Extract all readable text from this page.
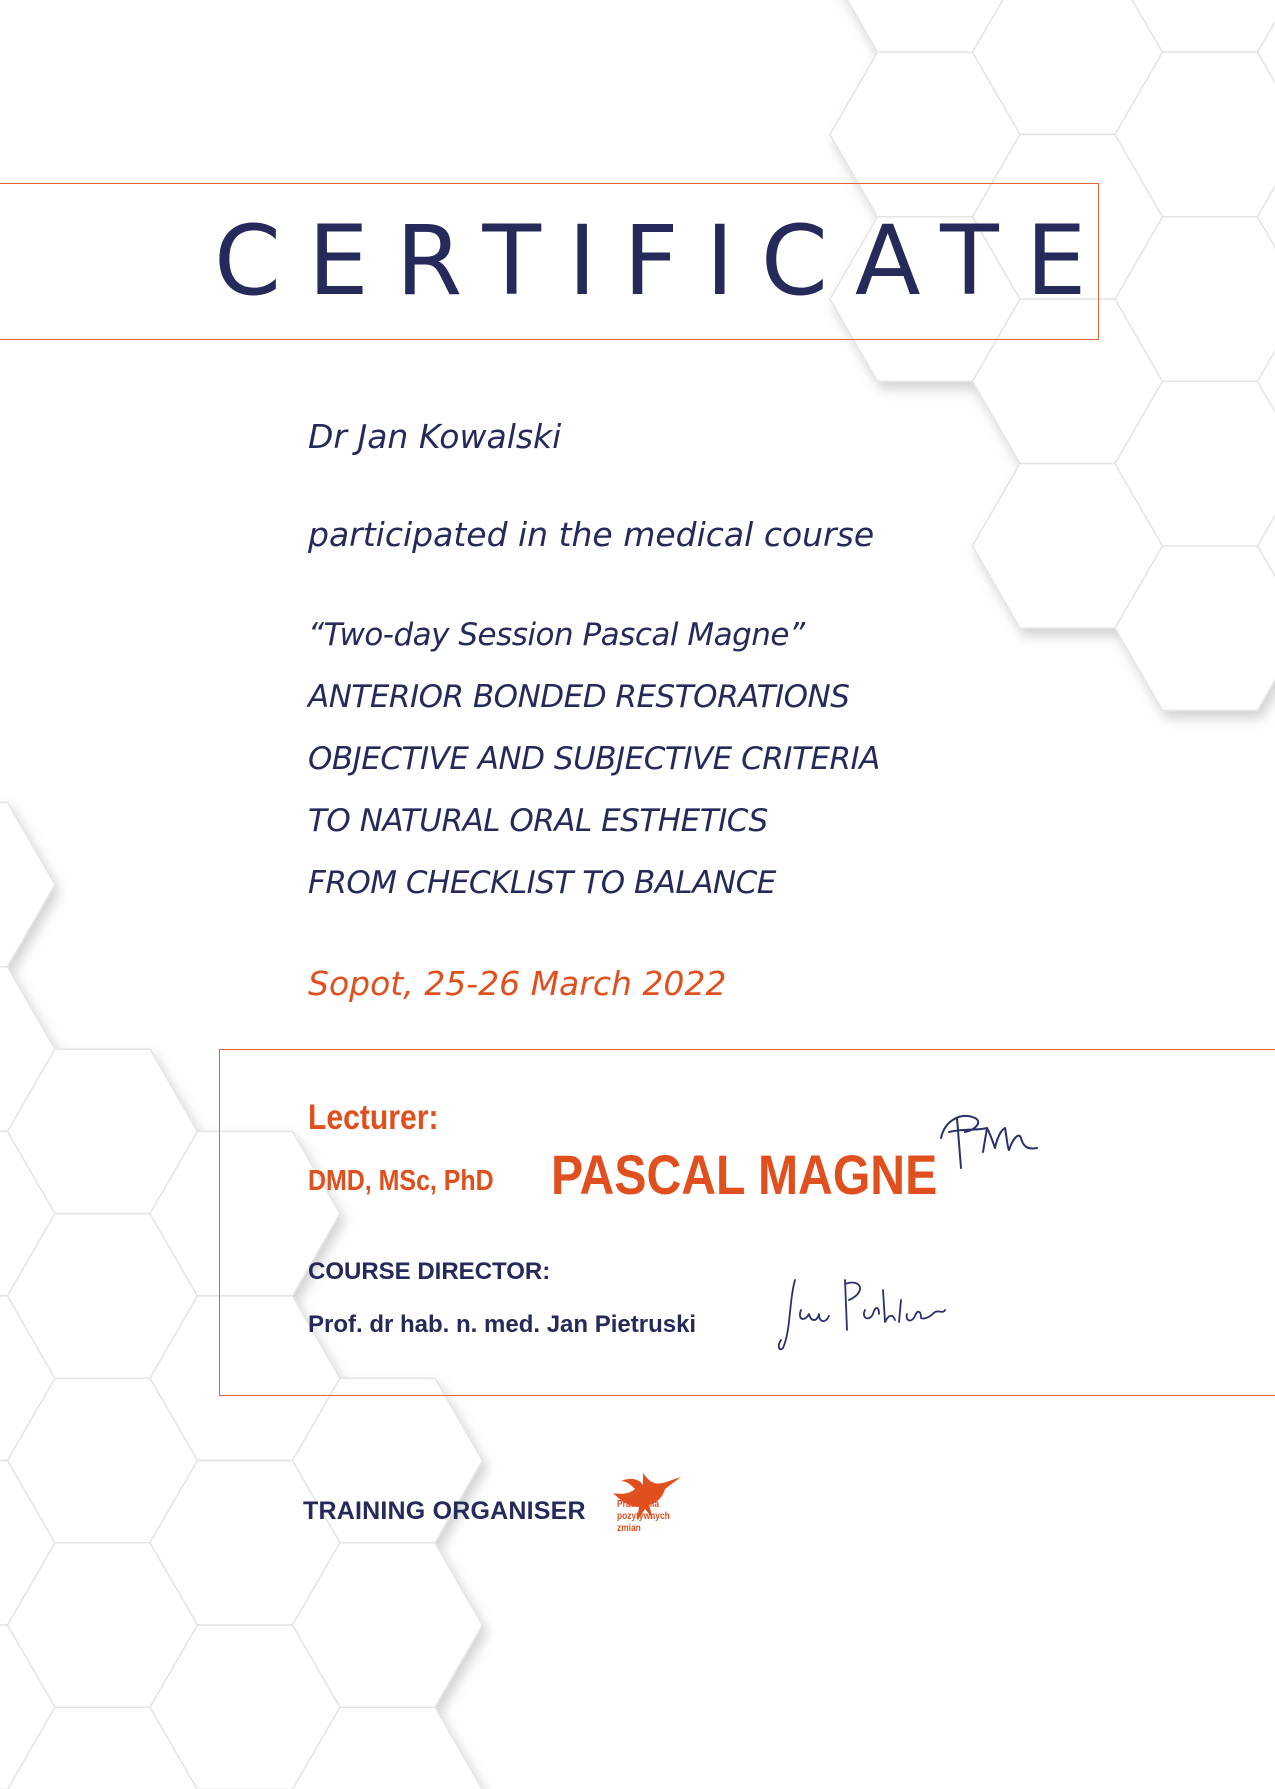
CERTIFICATE
Dr Jan Kowalski
participated in the medical course
“Two-day Session Pascal Magne”
ANTERIOR BONDED RESTORATIONS
OBJECTIVE AND SUBJECTIVE CRITERIA
TO NATURAL ORAL ESTHETICS
FROM CHECKLIST TO BALANCE
Sopot, 25-26 March 2022
Lecturer:
DMD, MSc, PhD PASCAL MAGNE
COURSE DIRECTOR:
Prof. dr hab. n. med. Jan Pietruski
TRAINING ORGANISER	Pracownia
pozytywnych
zmian
